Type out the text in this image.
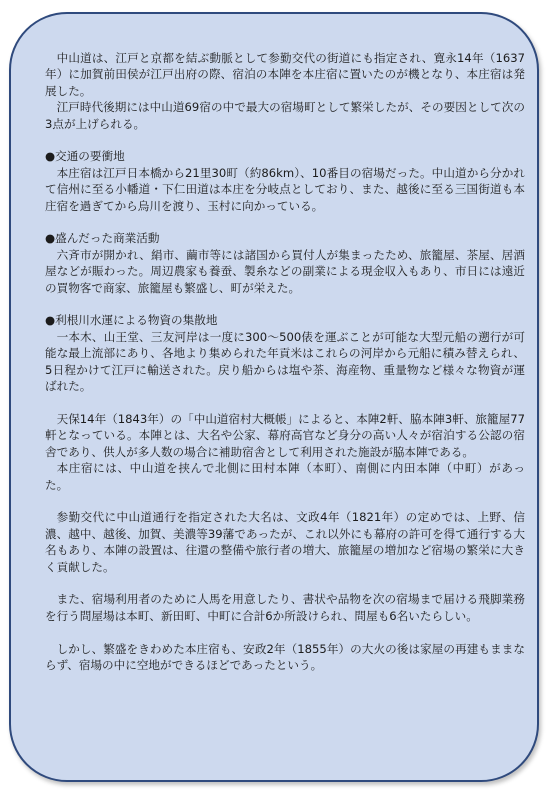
中山道は、江戸と京都を結ぶ動脈として参勤交代の街道にも指定され、寛永14年（1637年）に加賀前田侯が江戸出府の際、宿泊の本陣を本庄宿に置いたのが機となり、本庄宿は発展した。

江戸時代後期には中山道69宿の中で最大の宿場町として繁栄したが、その要因として次の3点が上げられる。

●交通の要衝地

本庄宿は江戸日本橋から21里30町（約86km）、10番目の宿場だった。中山道から分かれて信州に至る小幡道・下仁田道は本庄を分岐点としており、また、越後に至る三国街道も本庄宿を過ぎてから烏川を渡り、玉村に向かっている。

●盛んだった商業活動

六斉市が開かれ、絹市、繭市等には諸国から買付人が集まったため、旅籠屋、茶屋、居酒屋などが賑わった。周辺農家も養蚕、製糸などの副業による現金収入もあり、市日には遠近の買物客で商家、旅籠屋も繁盛し、町が栄えた。

●利根川水運による物資の集散地

一本木、山王堂、三友河岸は一度に300～500俵を運ぶことが可能な大型元船の遡行が可能な最上流部にあり、各地より集められた年貢米はこれらの河岸から元船に積み替えられ、5日程かけて江戸に輸送された。戻り船からは塩や茶、海産物、重量物など様々な物資が運ばれた。

天保14年（1843年）の「中山道宿村大概帳」によると、本陣2軒、脇本陣3軒、旅籠屋77軒となっている。本陣とは、大名や公家、幕府高官など身分の高い人々が宿泊する公認の宿舎であり、供人が多人数の場合に補助宿舎として利用された施設が脇本陣である。

本庄宿には、中山道を挟んで北側に田村本陣（本町）、南側に内田本陣（中町）があった。

参勤交代に中山道通行を指定された大名は、文政4年（1821年）の定めでは、上野、信濃、越中、越後、加賀、美濃等39藩であったが、これ以外にも幕府の許可を得て通行する大名もあり、本陣の設置は、往還の整備や旅行者の増大、旅籠屋の増加など宿場の繁栄に大きく貢献した。

また、宿場利用者のために人馬を用意したり、書状や品物を次の宿場まで届ける飛脚業務を行う問屋場は本町、新田町、中町に合計6か所設けられ、問屋も6名いたらしい。

しかし、繁盛をきわめた本庄宿も、安政2年（1855年）の大火の後は家屋の再建もままならず、宿場の中に空地ができるほどであったという。
